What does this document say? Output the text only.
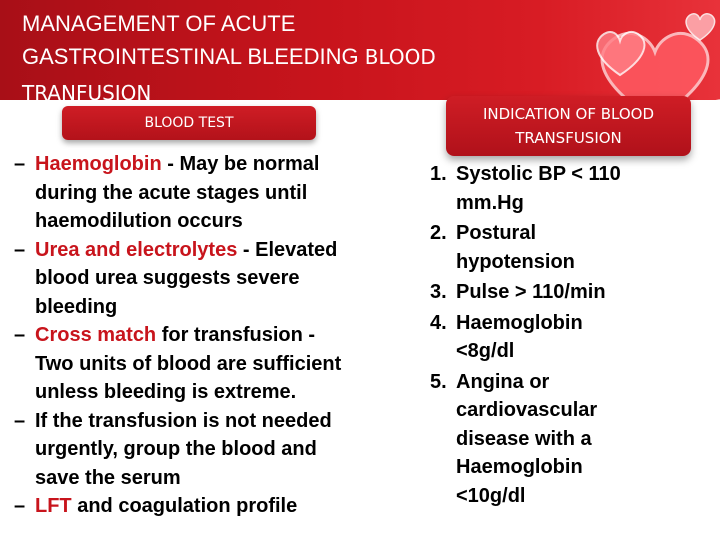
MANAGEMENT OF ACUTE
GASTROINTESTINAL BLEEDING BLOOD
TRANFUSION
BLOOD TEST	INDICATION OF BLOOD
TRANSFUSION
– Haemoglobin - May be normal
during the acute stages until
haemodilution occurs
– Urea and electrolytes - Elevated
blood urea suggests severe
bleeding
– Cross match for transfusion -
Two units of blood are sufficient
unless bleeding is extreme.
– If the transfusion is not needed
urgently, group the blood and
save the serum
– LFT and coagulation profile
1. Systolic BP < 110
mm.Hg
2. Postural
hypotension
3. Pulse > 110/min
4. Haemoglobin
<8g/dl
5. Angina or
cardiovascular
disease with a
Haemoglobin
<10g/dl
